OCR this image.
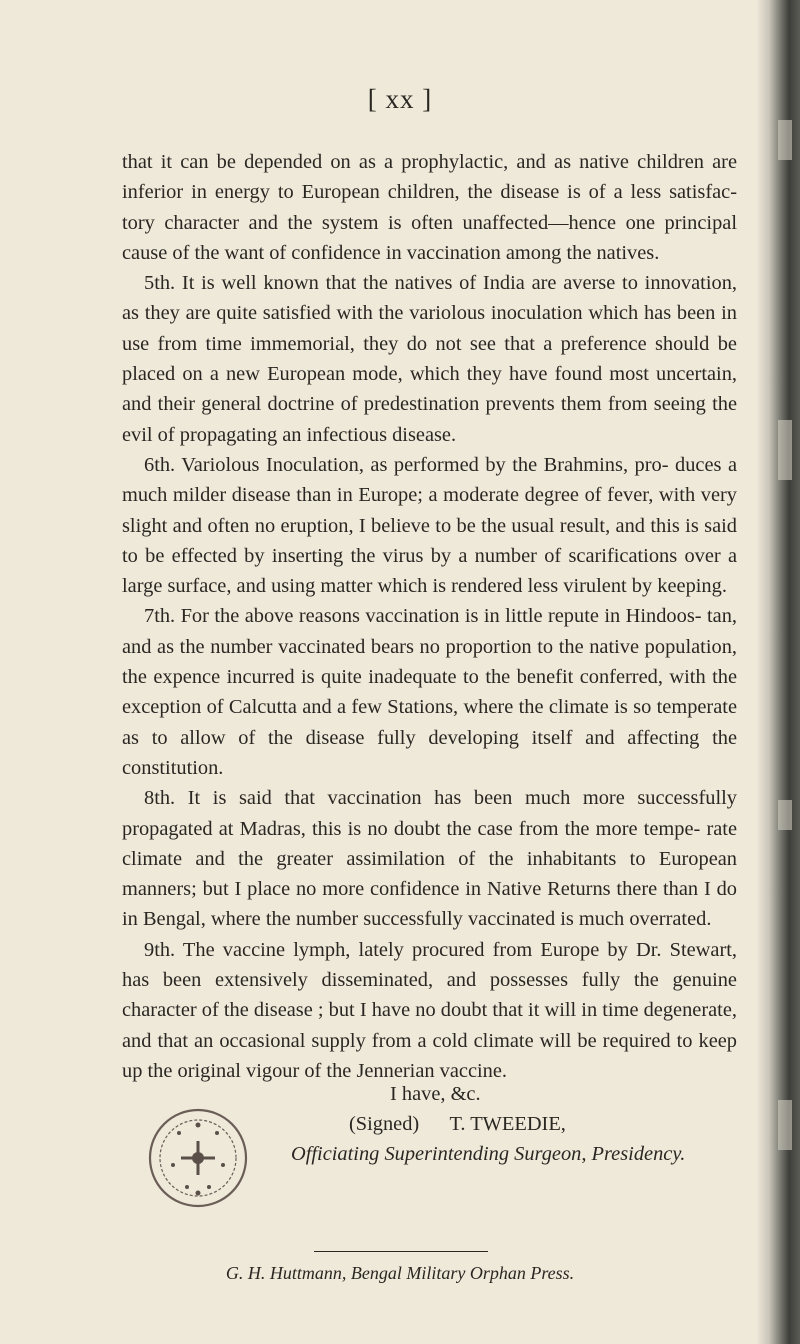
[ xx ]

that it can be depended on as a prophylactic, and as native children are inferior in energy to European children, the disease is of a less satisfac- tory character and the system is often unaffected—hence one principal cause of the want of confidence in vaccination among the natives.

5th. It is well known that the natives of India are averse to innovation, as they are quite satisfied with the variolous inoculation which has been in use from time immemorial, they do not see that a preference should be placed on a new European mode, which they have found most uncertain, and their general doctrine of predestination prevents them from seeing the evil of propagating an infectious disease.

6th. Variolous Inoculation, as performed by the Brahmins, pro- duces a much milder disease than in Europe; a moderate degree of fever, with very slight and often no eruption, I believe to be the usual result, and this is said to be effected by inserting the virus by a number of scarifications over a large surface, and using matter which is rendered less virulent by keeping.

7th. For the above reasons vaccination is in little repute in Hindoos- tan, and as the number vaccinated bears no proportion to the native population, the expence incurred is quite inadequate to the benefit conferred, with the exception of Calcutta and a few Stations, where the climate is so temperate as to allow of the disease fully developing itself and affecting the constitution.

8th. It is said that vaccination has been much more successfully propagated at Madras, this is no doubt the case from the more tempe- rate climate and the greater assimilation of the inhabitants to European manners; but I place no more confidence in Native Returns there than I do in Bengal, where the number successfully vaccinated is much overrated.

9th. The vaccine lymph, lately procured from Europe by Dr. Stewart, has been extensively disseminated, and possesses fully the genuine character of the disease ; but I have no doubt that it will in time degenerate, and that an occasional supply from a cold climate will be required to keep up the original vigour of the Jennerian vaccine.

I have, &c.
(Signed)      T. TWEEDIE,
Officiating Superintending Surgeon, Presidency.
G. H. Huttmann, Bengal Military Orphan Press.
